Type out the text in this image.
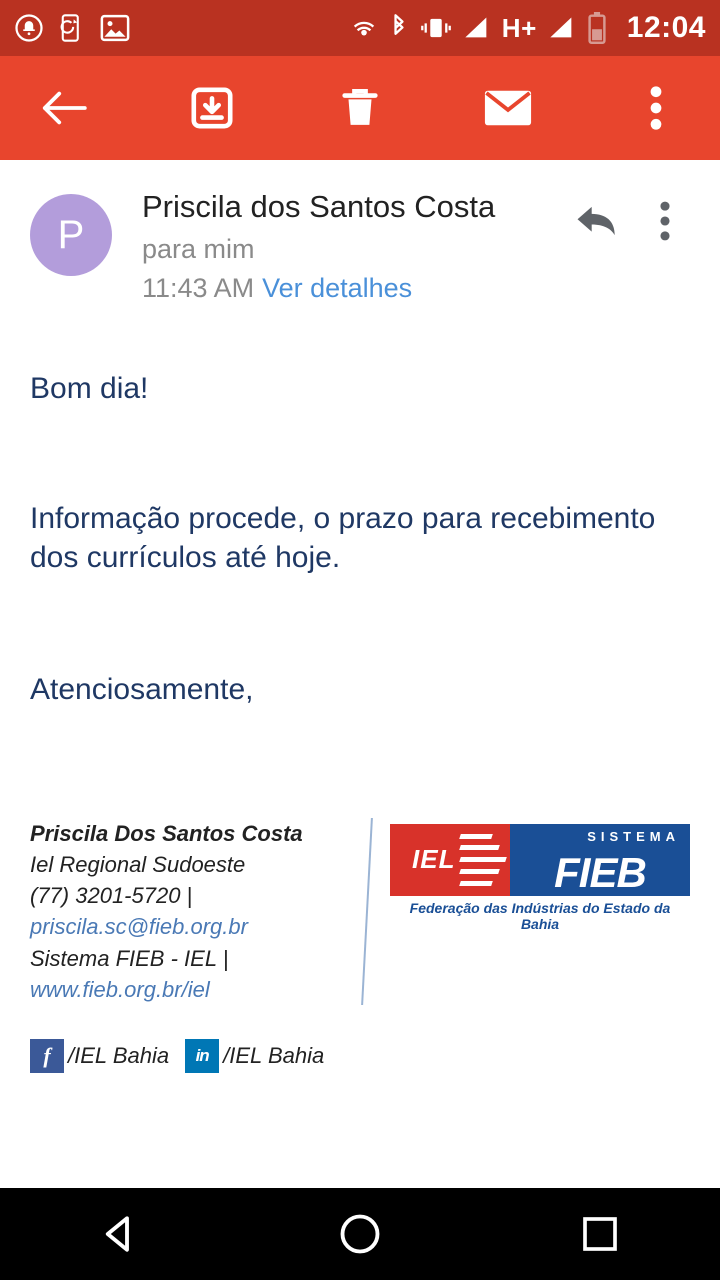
H+	12:04
P
Priscila dos Santos Costa
para mim
11:43 AM Ver detalhes
Bom dia!
Informação procede, o prazo para recebimento dos currículos até hoje.
Atenciosamente,
Priscila Dos Santos Costa
Iel Regional Sudoeste
(77) 3201-5720 |
priscila.sc@fieb.org.br
Sistema FIEB - IEL | www.fieb.org.br/iel
IEL
SISTEMA
FIEB
Federação das Indústrias do Estado da Bahia
f /IEL Bahia	in /IEL Bahia
